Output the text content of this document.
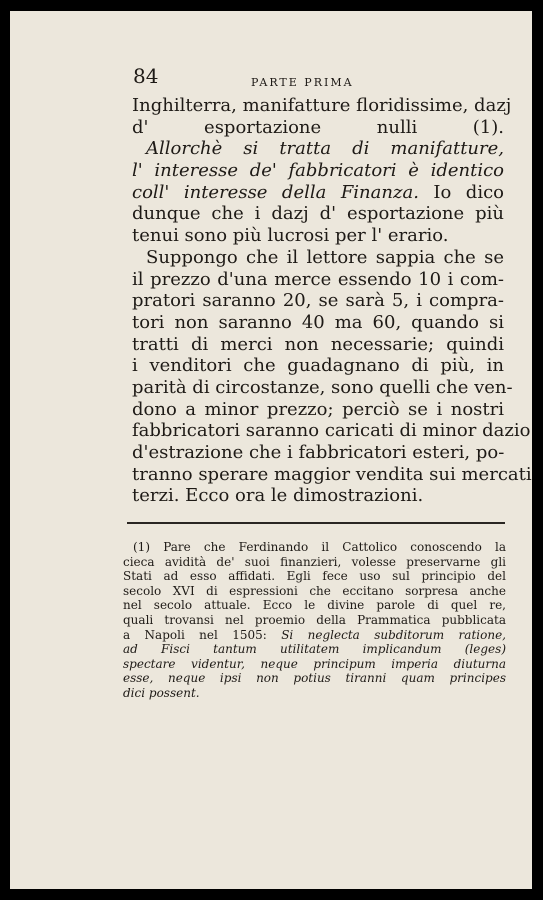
84	PARTE PRIMA
Inghilterra, manifatture floridissime, dazj
d' esportazione nulli (1).
Allorchè si tratta di manifatture,
l' interesse de' fabbricatori è identico
coll' interesse della Finanza. Io dico
dunque che i dazj d' esportazione più
tenui sono più lucrosi per l' erario.
Suppongo che il lettore sappia che se
il prezzo d'una merce essendo 10 i com-
pratori saranno 20, se sarà 5, i compra-
tori non saranno 40 ma 60, quando si
tratti di merci non necessarie; quindi
i venditori che guadagnano di più, in
parità di circostanze, sono quelli che ven-
dono a minor prezzo; perciò se i nostri
fabbricatori saranno caricati di minor dazio
d'estrazione che i fabbricatori esteri, po-
tranno sperare maggior vendita sui mercati
terzi. Ecco ora le dimostrazioni.
(1) Pare che Ferdinando il Cattolico conoscendo la
cieca avidità de' suoi finanzieri, volesse preservarne gli
Stati ad esso affidati. Egli fece uso sul principio del
secolo XVI di espressioni che eccitano sorpresa anche
nel secolo attuale. Ecco le divine parole di quel re,
quali trovansi nel proemio della Prammatica pubblicata
a Napoli nel 1505: Si neglecta subditorum ratione,
ad Fisci tantum utilitatem implicandum (leges)
spectare videntur, neque principum imperia diuturna
esse, neque ipsi non potius tiranni quam principes
dici possent.
